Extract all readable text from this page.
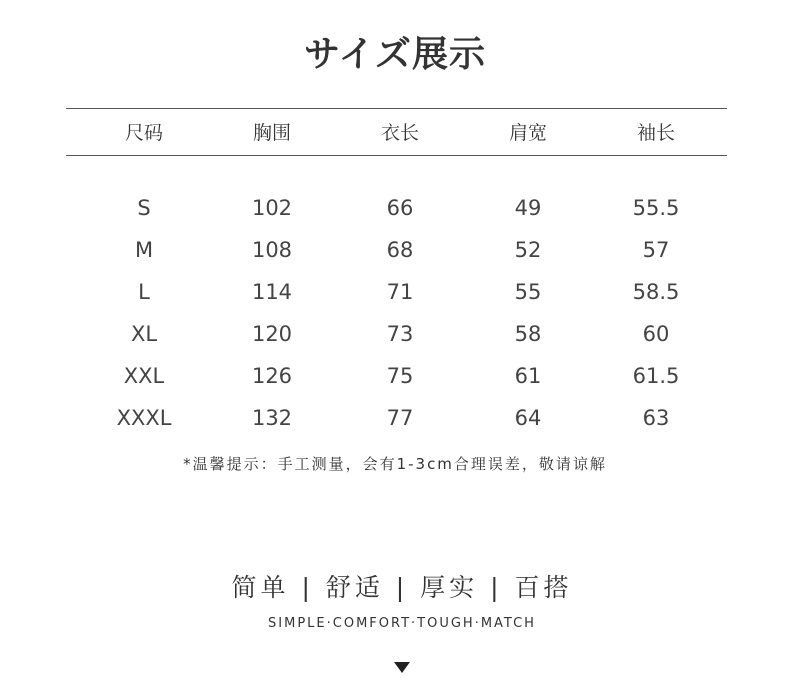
サイズ展示
尺码	胸围	衣长	肩宽	袖长
S	102	66	49	55.5
M	108	68	52	57
L	114	71	55	58.5
XL	120	73	58	60
XXL	126	75	61	61.5
XXXL	132	77	64	63
*温馨提示：手工测量，会有1-3cm合理误差，敬请谅解
简单 | 舒适 | 厚实 | 百搭
SIMPLE·COMFORT·TOUGH·MATCH
